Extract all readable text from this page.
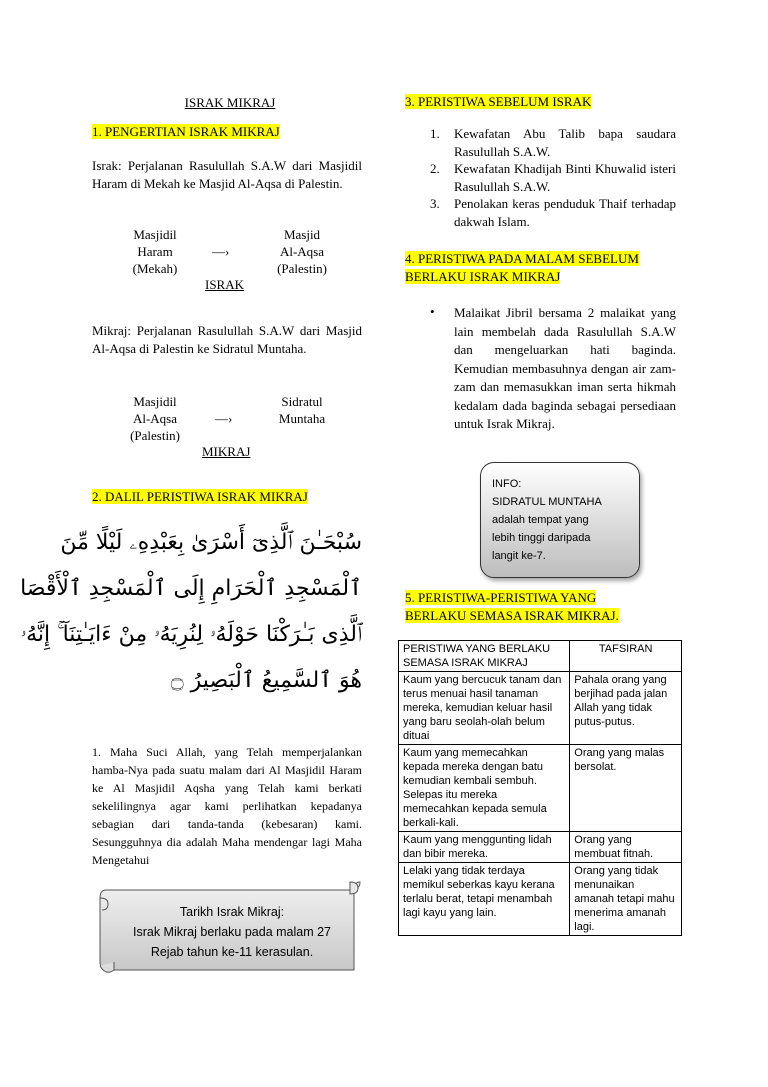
ISRAK MIKRAJ
1. PENGERTIAN ISRAK MIKRAJ
Israk: Perjalanan Rasulullah S.A.W dari Masjidil Haram di Mekah ke Masjid Al-Aqsa di Palestin.
Masjidil
Haram
(Mekah)
—›
Masjid
Al-Aqsa
(Palestin)
ISRAK
Mikraj: Perjalanan Rasulullah S.A.W dari Masjid Al-Aqsa di Palestin ke Sidratul Muntaha.
Masjidil
Al-Aqsa
(Palestin)
—›
Sidratul
Muntaha
MIKRAJ
2. DALIL PERISTIWA ISRAK MIKRAJ
سُبْحَـٰنَ ٱلَّذِىٓ أَسْرَىٰ بِعَبْدِهِۦ لَيْلًا مِّنَ
ٱلْمَسْجِدِ ٱلْحَرَامِ إِلَى ٱلْمَسْجِدِ ٱلْأَقْصَا
ٱلَّذِى بَـٰرَكْنَا حَوْلَهُۥ لِنُرِيَهُۥ مِنْ ءَايَـٰتِنَآ ۚ إِنَّهُۥ
هُوَ ٱلسَّمِيعُ ٱلْبَصِيرُ ۝
1. Maha Suci Allah, yang Telah memperjalankan hamba-Nya pada suatu malam dari Al Masjidil Haram ke Al Masjidil Aqsha yang Telah kami berkati sekelilingnya agar kami perlihatkan kepadanya sebagian dari tanda-tanda (kebesaran) kami. Sesungguhnya dia adalah Maha mendengar lagi Maha Mengetahui
Tarikh Israk Mikraj:
Israk Mikraj berlaku pada malam 27
Rejab tahun ke-11 kerasulan.
3. PERISTIWA SEBELUM ISRAK
1. Kewafatan Abu Talib bapa saudara Rasulullah S.A.W.
2. Kewafatan Khadijah Binti Khuwalid isteri Rasulullah S.A.W.
3. Penolakan keras penduduk Thaif terhadap dakwah Islam.
4. PERISTIWA PADA MALAM SEBELUM
BERLAKU ISRAK MIKRAJ
• Malaikat Jibril bersama 2 malaikat yang lain membelah dada Rasulullah S.A.W dan mengeluarkan hati baginda. Kemudian membasuhnya dengan air zam-zam dan memasukkan iman serta hikmah kedalam dada baginda sebagai persediaan untuk Israk Mikraj.
INFO:
SIDRATUL MUNTAHA
adalah tempat yang
lebih tinggi daripada
langit ke-7.
5. PERISTIWA-PERISTIWA YANG
BERLAKU SEMASA ISRAK MIKRAJ.
PERISTIWA YANG BERLAKU SEMASA ISRAK MIKRAJ	TAFSIRAN
Kaum yang bercucuk tanam dan terus menuai hasil tanaman mereka, kemudian keluar hasil yang baru seolah-olah belum dituai	Pahala orang yang berjihad pada jalan Allah yang tidak putus-putus.
Kaum yang memecahkan kepada mereka dengan batu kemudian kembali sembuh. Selepas itu mereka memecahkan kepada semula berkali-kali.	Orang yang malas bersolat.
Kaum yang menggunting lidah dan bibir mereka.	Orang yang membuat fitnah.
Lelaki yang tidak terdaya memikul seberkas kayu kerana terlalu berat, tetapi menambah lagi kayu yang lain.	Orang yang tidak menunaikan amanah tetapi mahu menerima amanah lagi.
